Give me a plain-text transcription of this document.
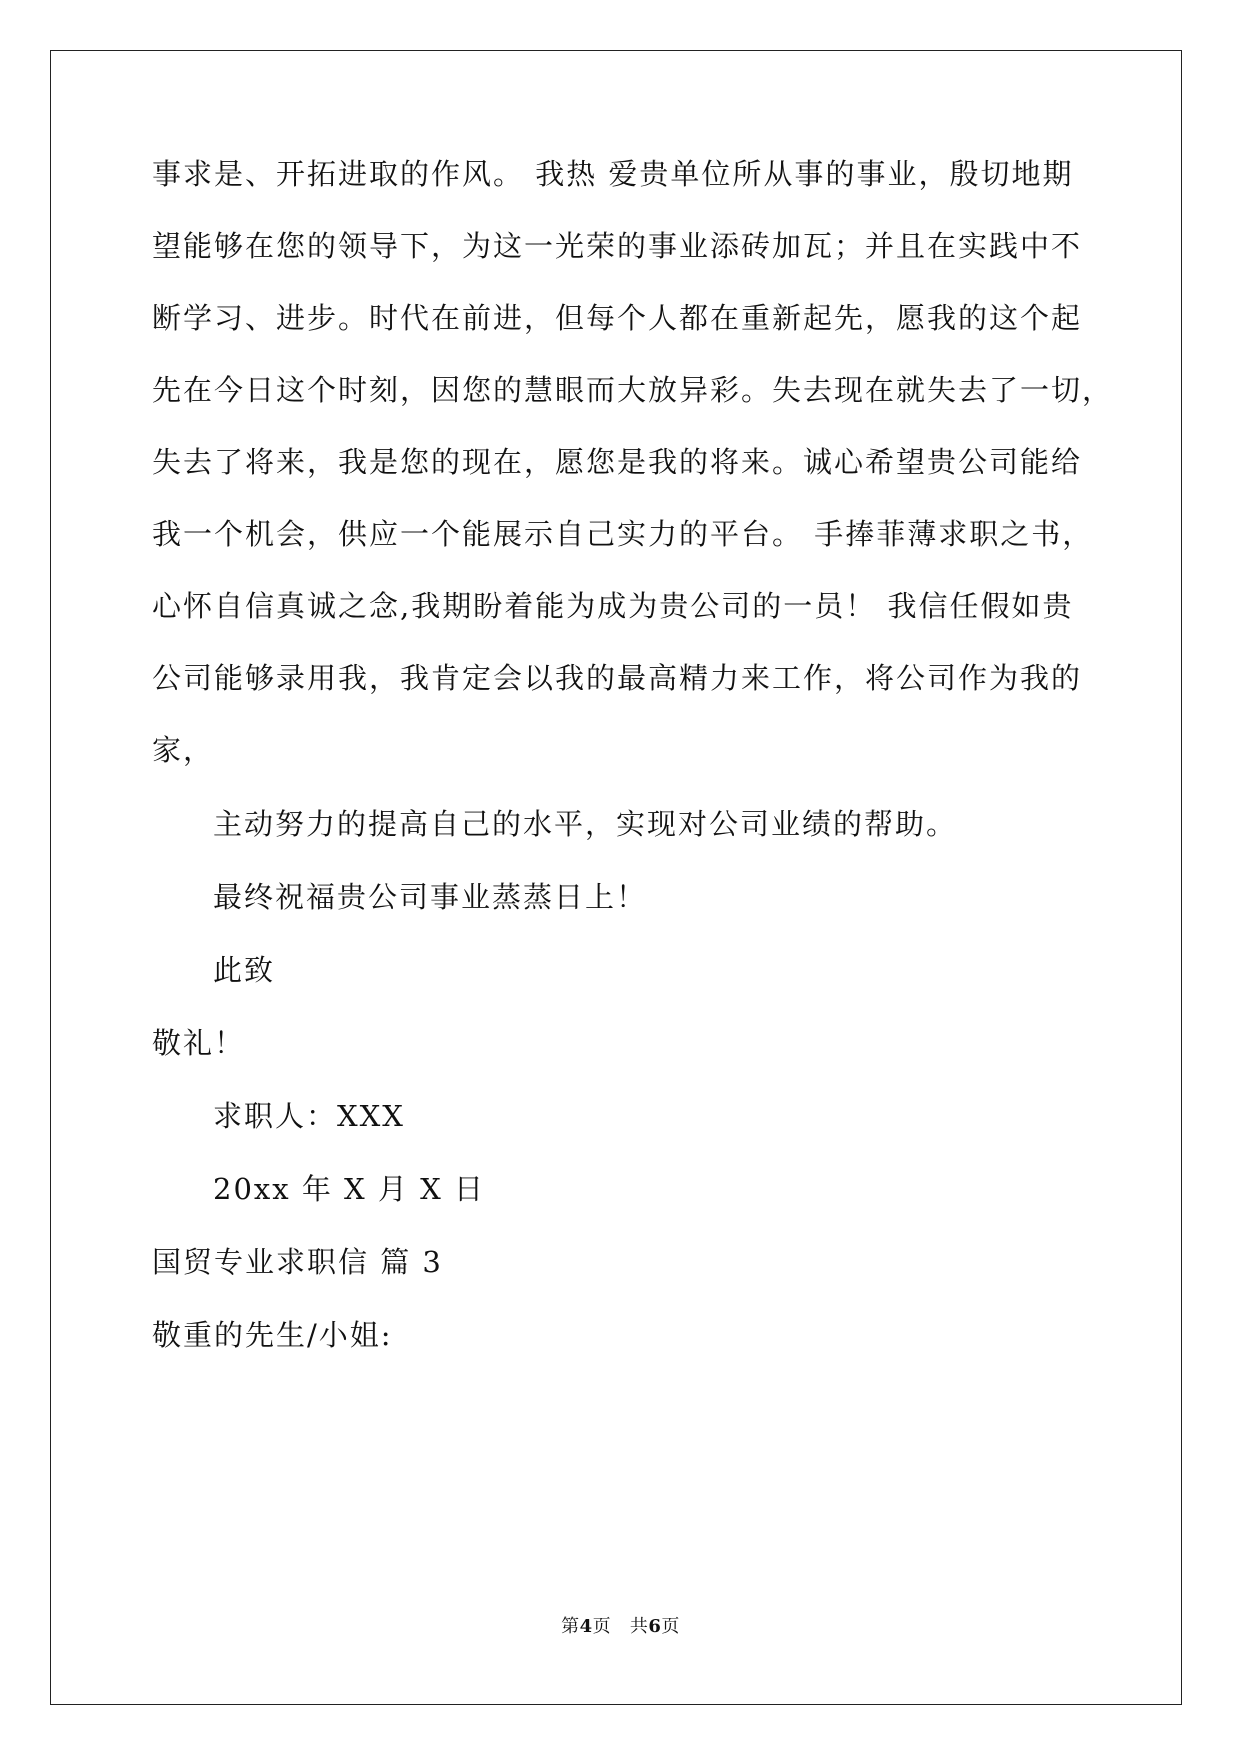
事求是、开拓进取的作风。 我热 爱贵单位所从事的事业，殷切地期
望能够在您的领导下，为这一光荣的事业添砖加瓦；并且在实践中不
断学习、进步。时代在前进，但每个人都在重新起先，愿我的这个起
先在今日这个时刻，因您的慧眼而大放异彩。失去现在就失去了一切，
失去了将来，我是您的现在，愿您是我的将来。诚心希望贵公司能给
我一个机会，供应一个能展示自己实力的平台。 手捧菲薄求职之书，
心怀自信真诚之念,我期盼着能为成为贵公司的一员！ 我信任假如贵
公司能够录用我，我肯定会以我的最高精力来工作，将公司作为我的
家，
主动努力的提高自己的水平，实现对公司业绩的帮助。
最终祝福贵公司事业蒸蒸日上！
此致
敬礼！
求职人：XXX
20xx 年 X 月 X 日
国贸专业求职信 篇 3
敬重的先生/小姐:
第4页 共6页
